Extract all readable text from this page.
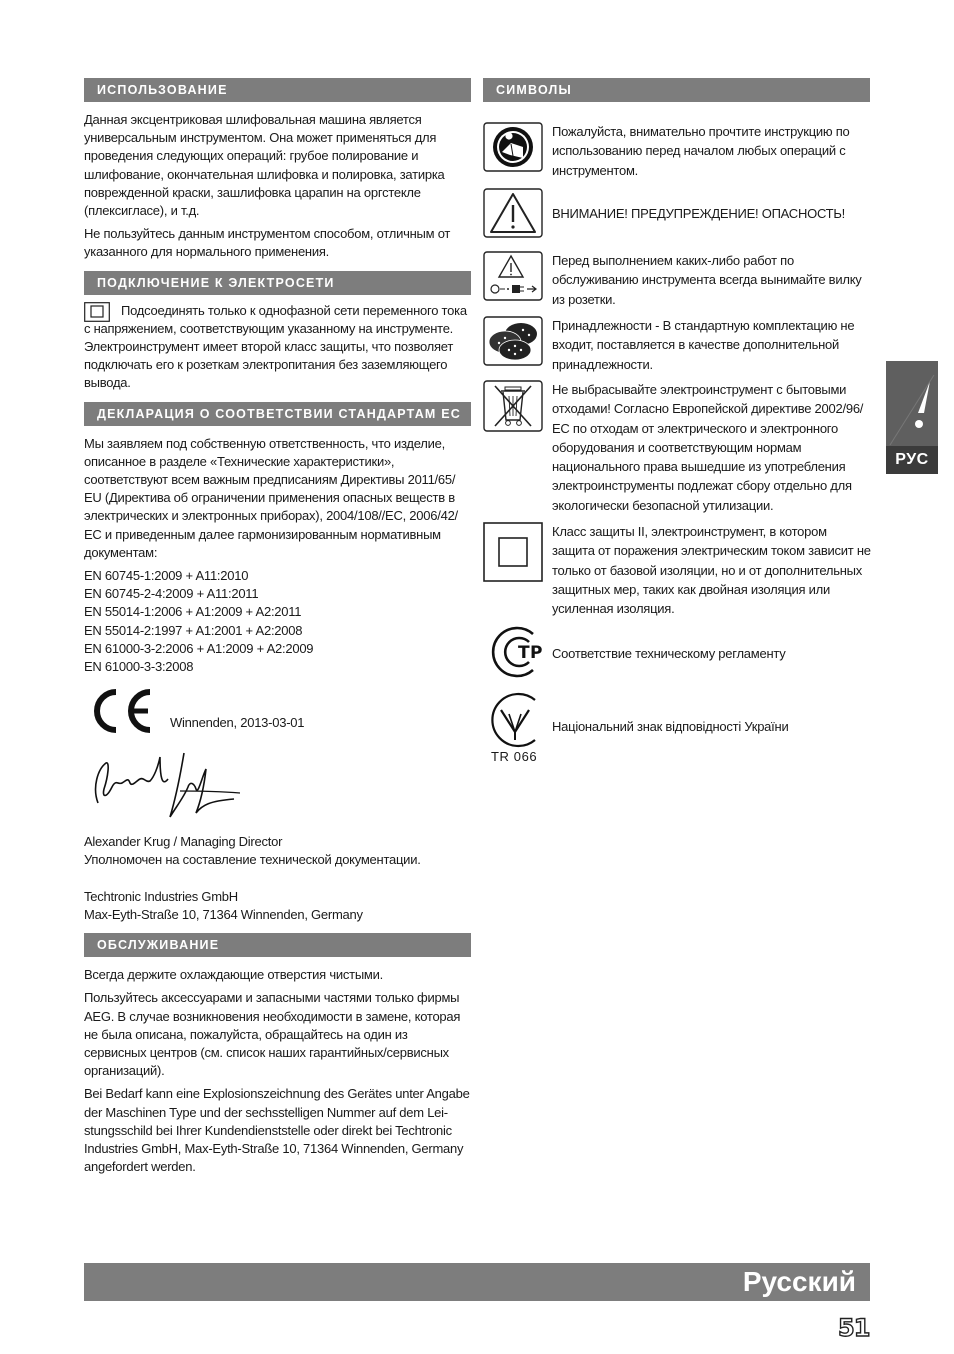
ИСПОЛЬЗОВАНИЕ

Данная эксцентриковая шлифовальная машина является универсальным инструментом. Она может применяться для проведения следующих операций: грубое полирование и шлифование, окончательная шлифовка и полировка, затирка поврежденной краски, зашлифовка царапин на оргстекле (плексигласе), и т.д.

Не пользуйтесь данным инструментом способом, отличным от указанного для нормального применения.

ПОДКЛЮЧЕНИЕ К ЭЛЕКТРОСЕТИ

Подсоединять только к однофазной сети переменного тока с напряжением, соответствующим указанному на инструменте. Электроинструмент имеет второй класс защиты, что позволяет подключать его к розеткам электропитания без заземляющего вывода.

ДЕКЛАРАЦИЯ О СООТВЕТСТВИИ СТАНДАРТАМ ЕС

Мы заявляем под собственную ответственность, что изделие, описанное в разделе «Технические характеристики», соответствуют всем важным предписаниям Директивы 2011/65/ EU (Директива об ограничении применения опасных веществ в электрических и электронных приборах), 2004/108//EC, 2006/42/ EC и приведенным далее гармонизированным нормативным документам:

EN 60745-1:2009 + A11:2010

EN 60745-2-4:2009 + A11:2011

EN 55014-1:2006 + A1:2009 + A2:2011

EN 55014-2:1997 + A1:2001 + A2:2008

EN 61000-3-2:2006 + A1:2009 + A2:2009

EN 61000-3-3:2008

Winnenden, 2013-03-01

Alexander Krug / Managing Director

Уполномочен на составление технической документации.

Techtronic Industries GmbH

Max-Eyth-Straße 10, 71364 Winnenden, Germany

ОБСЛУЖИВАНИЕ

Всегда держите охлаждающие отверстия чистыми.

Пользуйтесь аксессуарами и запасными частями только фирмы AEG. В случае возникновения необходимости в замене, которая не была описана, пожалуйста, обращайтесь на один из сервисных центров (см. список наших гарантийных/сервисных организаций).

Bei Bedarf kann eine Explosionszeichnung des Gerätes unter Angabe der Maschinen Type und der sechsstelligen Nummer auf dem Lei-stungsschild bei Ihrer Kundendienststelle oder direkt bei Techtronic Industries GmbH, Max-Eyth-Straße 10, 71364 Winnenden, Germany angefordert werden.

СИМВОЛЫ
Пожалуйста, внимательно прочтите инструкцию по использованию перед началом любых операций с инструментом.
ВНИМАНИЕ! ПРЕДУПРЕЖДЕНИЕ! ОПАСНОСТЬ!
Перед выполнением каких-либо работ по обслуживанию инструмента всегда вынимайте вилку из розетки.
Принадлежности - В стандартную комплектацию не входит, поставляется в качестве дополнительной принадлежности.
Не выбрасывайте электроинструмент с бытовыми отходами! Согласно Европейской директиве 2002/96/ ЕС по отходам от электрического и электронного оборудования и соответствующим нормам национального права вышедшие из употребления электроинструменты подлежат сбору отдельно для экологически безопасной утилизации.
Класс защиты II, электроинструмент, в котором защита от поражения электрическим током зависит не только от базовой изоляции, но и от дополнительных защитных мер, таких как двойная изоляция или усиленная изоляция.
Т Р Соответствие техническому регламенту
TR 066
Національний знак відповідності України
РУС
Русский
51
